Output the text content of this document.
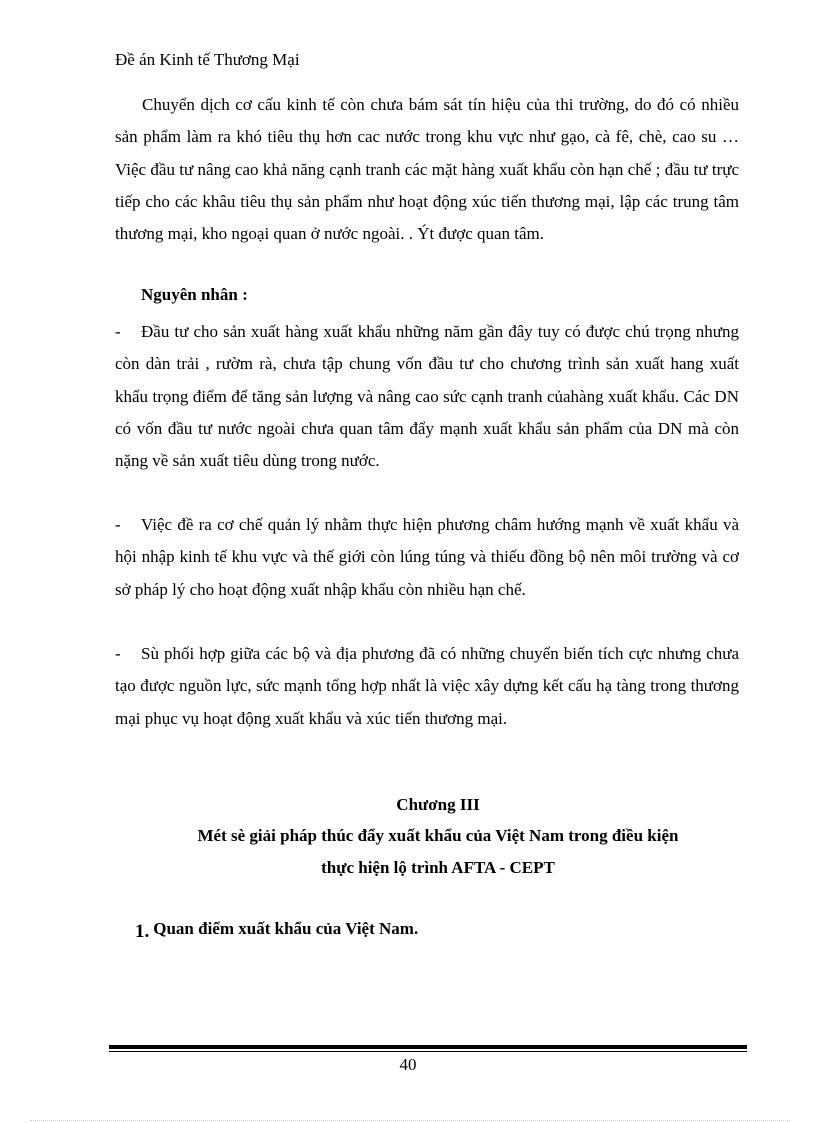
Đề án Kinh tế Thương Mại
Chuyển dịch cơ cấu kinh tế còn chưa bám sát tín hiệu của thi trường, do đó có nhiều sản phẩm làm ra khó tiêu thụ hơn cac nước trong khu vực như gạo, cà fê, chè, cao su …Việc đầu tư nâng cao khả năng cạnh tranh các mặt hàng xuất khẩu còn hạn chế ; đầu tư trực tiếp cho các khâu tiêu thụ sản phẩm như hoạt động xúc tiến thương mại, lập các trung tâm thương mại, kho ngoại quan ở nước ngoài. . Ýt được quan tâm.
Nguyên nhân :
- Đầu tư cho sản xuất hàng xuất khẩu những năm gần đây tuy có được chú trọng nhưng còn dàn trải , rườm rà, chưa tập chung vốn đầu tư cho chương trình sản xuất hang xuất khẩu trọng điểm để tăng sản lượng và nâng cao sức cạnh tranh củahàng xuất khẩu. Các DN có vốn đầu tư nước ngoài chưa quan tâm đẩy mạnh xuất khẩu sản phẩm của DN mà còn nặng về sản xuất tiêu dùng trong nước.
- Việc đề ra cơ chế quản lý nhằm thực hiện phương châm hướng mạnh về xuất khẩu và hội nhập kinh tế khu vực và thế giới còn lúng túng và thiếu đồng bộ nên môi trường và cơ sở pháp lý cho hoạt động xuất nhập khẩu còn nhiều hạn chế.
- Sù phối hợp giữa các bộ và địa phương đã có những chuyển biến tích cực nhưng chưa tạo được nguồn lực, sức mạnh tổng hợp nhất là việc xây dựng kết cấu hạ tàng trong thương mại phục vụ hoạt động xuất khẩu và xúc tiến thương mại.
Chương III
Mét sè giải pháp thúc đẩy xuất khẩu của Việt Nam trong điều kiện
thực hiện lộ trình AFTA - CEPT
1. Quan điểm xuất khẩu của Việt Nam.
40
